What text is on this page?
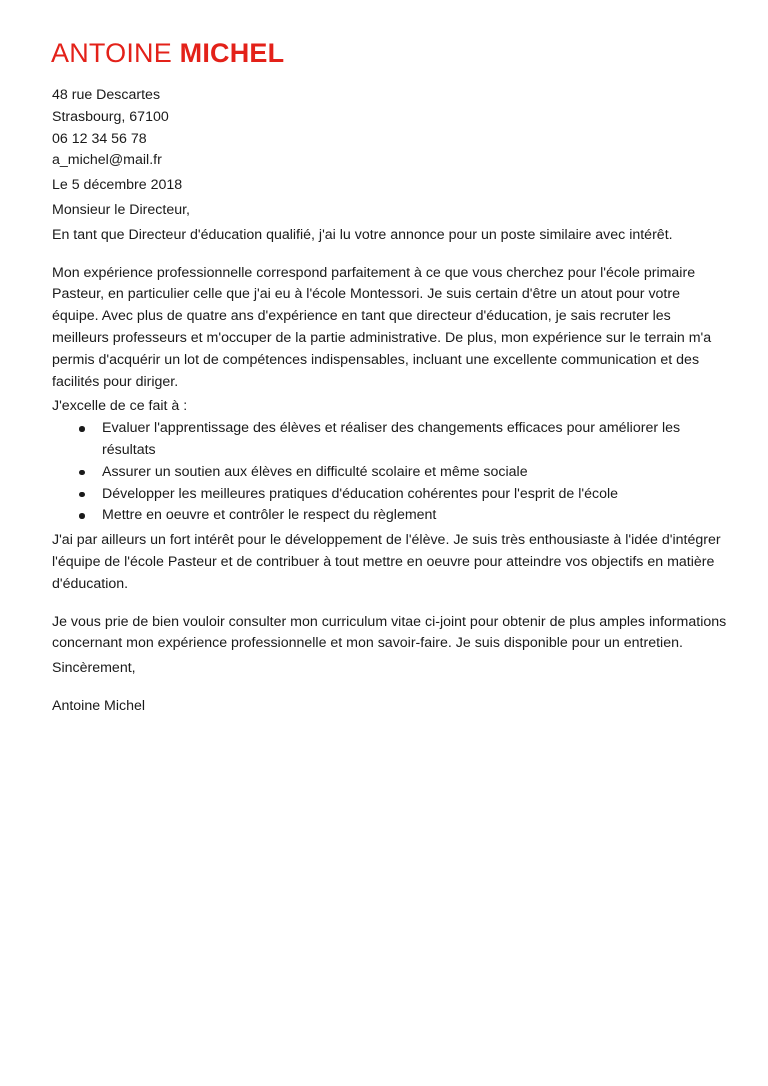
ANTOINE MICHEL

48 rue Descartes

Strasbourg, 67100

06 12 34 56 78

a_michel@mail.fr

Le 5 décembre 2018

Monsieur le Directeur,

En tant que Directeur d'éducation qualifié, j'ai lu votre annonce pour un poste similaire avec intérêt.

Mon expérience professionnelle correspond parfaitement à ce que vous cherchez pour l'école primaire Pasteur, en particulier celle que j'ai eu à l'école Montessori. Je suis certain d'être un atout pour votre équipe. Avec plus de quatre ans d'expérience en tant que directeur d'éducation, je sais recruter les meilleurs professeurs et m'occuper de la partie administrative. De plus, mon expérience sur le terrain m'a permis d'acquérir un lot de compétences indispensables, incluant une excellente communication et des facilités pour diriger.

J'excelle de ce fait à :

Evaluer l'apprentissage des élèves et réaliser des changements efficaces pour améliorer les résultats
Assurer un soutien aux élèves en difficulté scolaire et même sociale
Développer les meilleures pratiques d'éducation cohérentes pour l'esprit de l'école
Mettre en oeuvre et contrôler le respect du règlement

J'ai par ailleurs un fort intérêt pour le développement de l'élève. Je suis très enthousiaste à l'idée d'intégrer l'équipe de l'école Pasteur et de contribuer à tout mettre en oeuvre pour atteindre vos objectifs en matière d'éducation.

Je vous prie de bien vouloir consulter mon curriculum vitae ci-joint pour obtenir de plus amples informations concernant mon expérience professionnelle et mon savoir-faire. Je suis disponible pour un entretien.

Sincèrement,

Antoine Michel
